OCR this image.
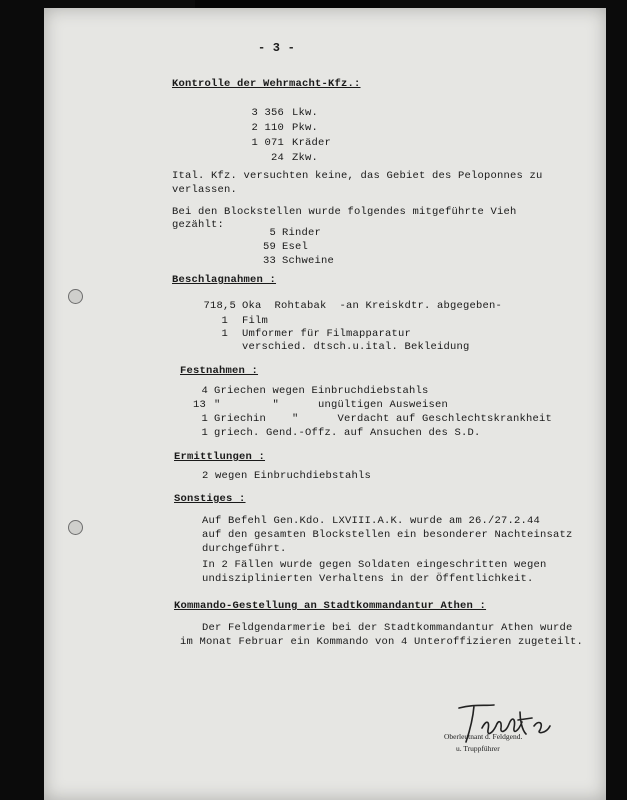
- 3 -
Kontrolle der Wehrmacht-Kfz.:
3 356 Lkw.
2 110 Pkw.
1 071 Kräder
24 Zkw.
Ital. Kfz. versuchten keine, das Gebiet des Peloponnes zu
verlassen.
Bei den Blockstellen wurde folgendes mitgeführte Vieh
gezählt:
5 Rinder
59 Esel
33 Schweine
Beschlagnahmen :
718,5 Oka  Rohtabak  -an Kreiskdtr. abgegeben-
1 Film
1 Umformer für Filmapparatur
verschied. dtsch.u.ital. Bekleidung
Festnahmen :
4 Griechen wegen Einbruchdiebstahls
13 "        "      ungültigen Ausweisen
1 Griechin    "      Verdacht auf Geschlechtskrankheit
1 griech. Gend.-Offz. auf Ansuchen des S.D.
Ermittlungen :
2 wegen Einbruchdiebstahls
Sonstiges :
Auf Befehl Gen.Kdo. LXVIII.A.K. wurde am 26./27.2.44
auf den gesamten Blockstellen ein besonderer Nachteinsatz
durchgeführt.
In 2 Fällen wurde gegen Soldaten eingeschritten wegen
undisziplinierten Verhaltens in der Öffentlichkeit.
Kommando-Gestellung an Stadtkommandantur Athen :
Der Feldgendarmerie bei der Stadtkommandantur Athen wurde
im Monat Februar ein Kommando von 4 Unteroffizieren zugeteilt.
Oberleutnant d. Feldgend.
u. Truppführer
